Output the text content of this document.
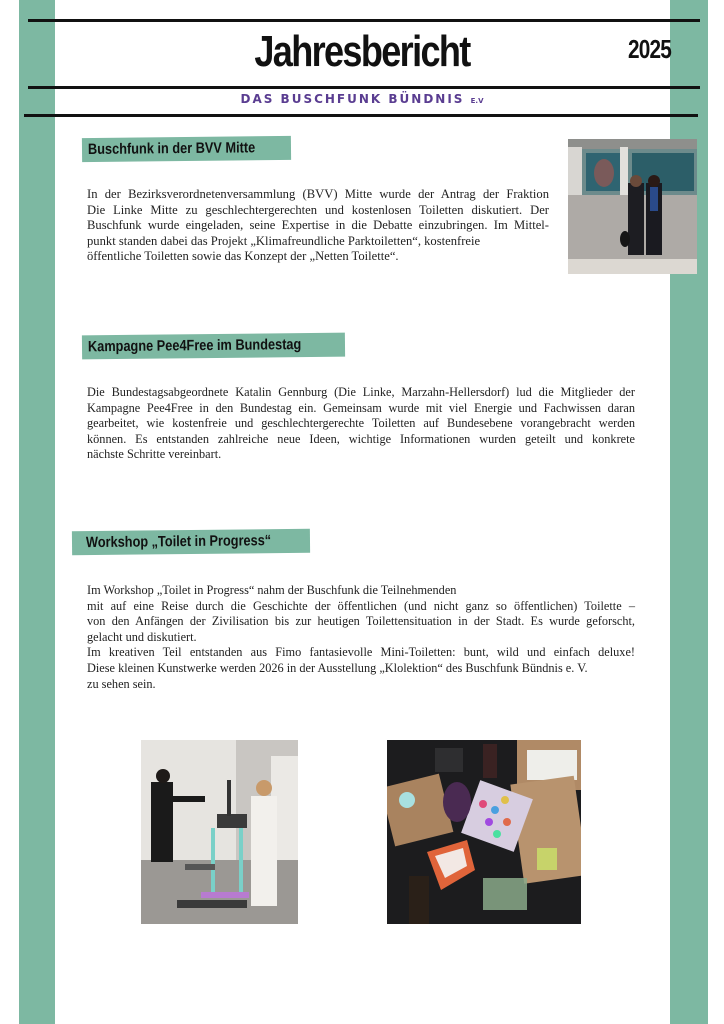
Jahresbericht	2025
DAS BUSCHFUNK BÜNDNIS E.V
Buschfunk in der BVV Mitte

In der Bezirksverordnetenversammlung (BVV) Mitte wurde der Antrag der Fraktion

Die Linke Mitte zu geschlechtergerechten und kostenlosen Toiletten diskutiert. Der

Buschfunk wurde eingeladen, seine Expertise in die Debatte einzubringen. Im Mittel-

punkt standen dabei das Projekt „Klimafreundliche Parktoiletten“, kostenfreie

öffentliche Toiletten sowie das Konzept der „Netten Toilette“.

Kampagne Pee4Free im Bundestag

Die Bundestagsabgeordnete Katalin Gennburg (Die Linke, Marzahn-Hellersdorf) lud die Mitglieder der

Kampagne Pee4Free in den Bundestag ein. Gemeinsam wurde mit viel Energie und Fachwissen daran

gearbeitet, wie kostenfreie und geschlechtergerechte Toiletten auf Bundesebene vorangebracht werden

können. Es entstanden zahlreiche neue Ideen, wichtige Informationen wurden geteilt und konkrete

nächste Schritte vereinbart.

Workshop „Toilet in Progress“

Im Workshop „Toilet in Progress“ nahm der Buschfunk die Teilnehmenden

mit auf eine Reise durch die Geschichte der öffentlichen (und nicht ganz so öffentlichen) Toilette –

von den Anfängen der Zivilisation bis zur heutigen Toilettensituation in der Stadt. Es wurde geforscht,

gelacht und diskutiert.

Im kreativen Teil entstanden aus Fimo fantasievolle Mini-Toiletten: bunt, wild und einfach deluxe!

Diese kleinen Kunstwerke werden 2026 in der Ausstellung „Klolektion“ des Buschfunk Bündnis e. V.

zu sehen sein.
